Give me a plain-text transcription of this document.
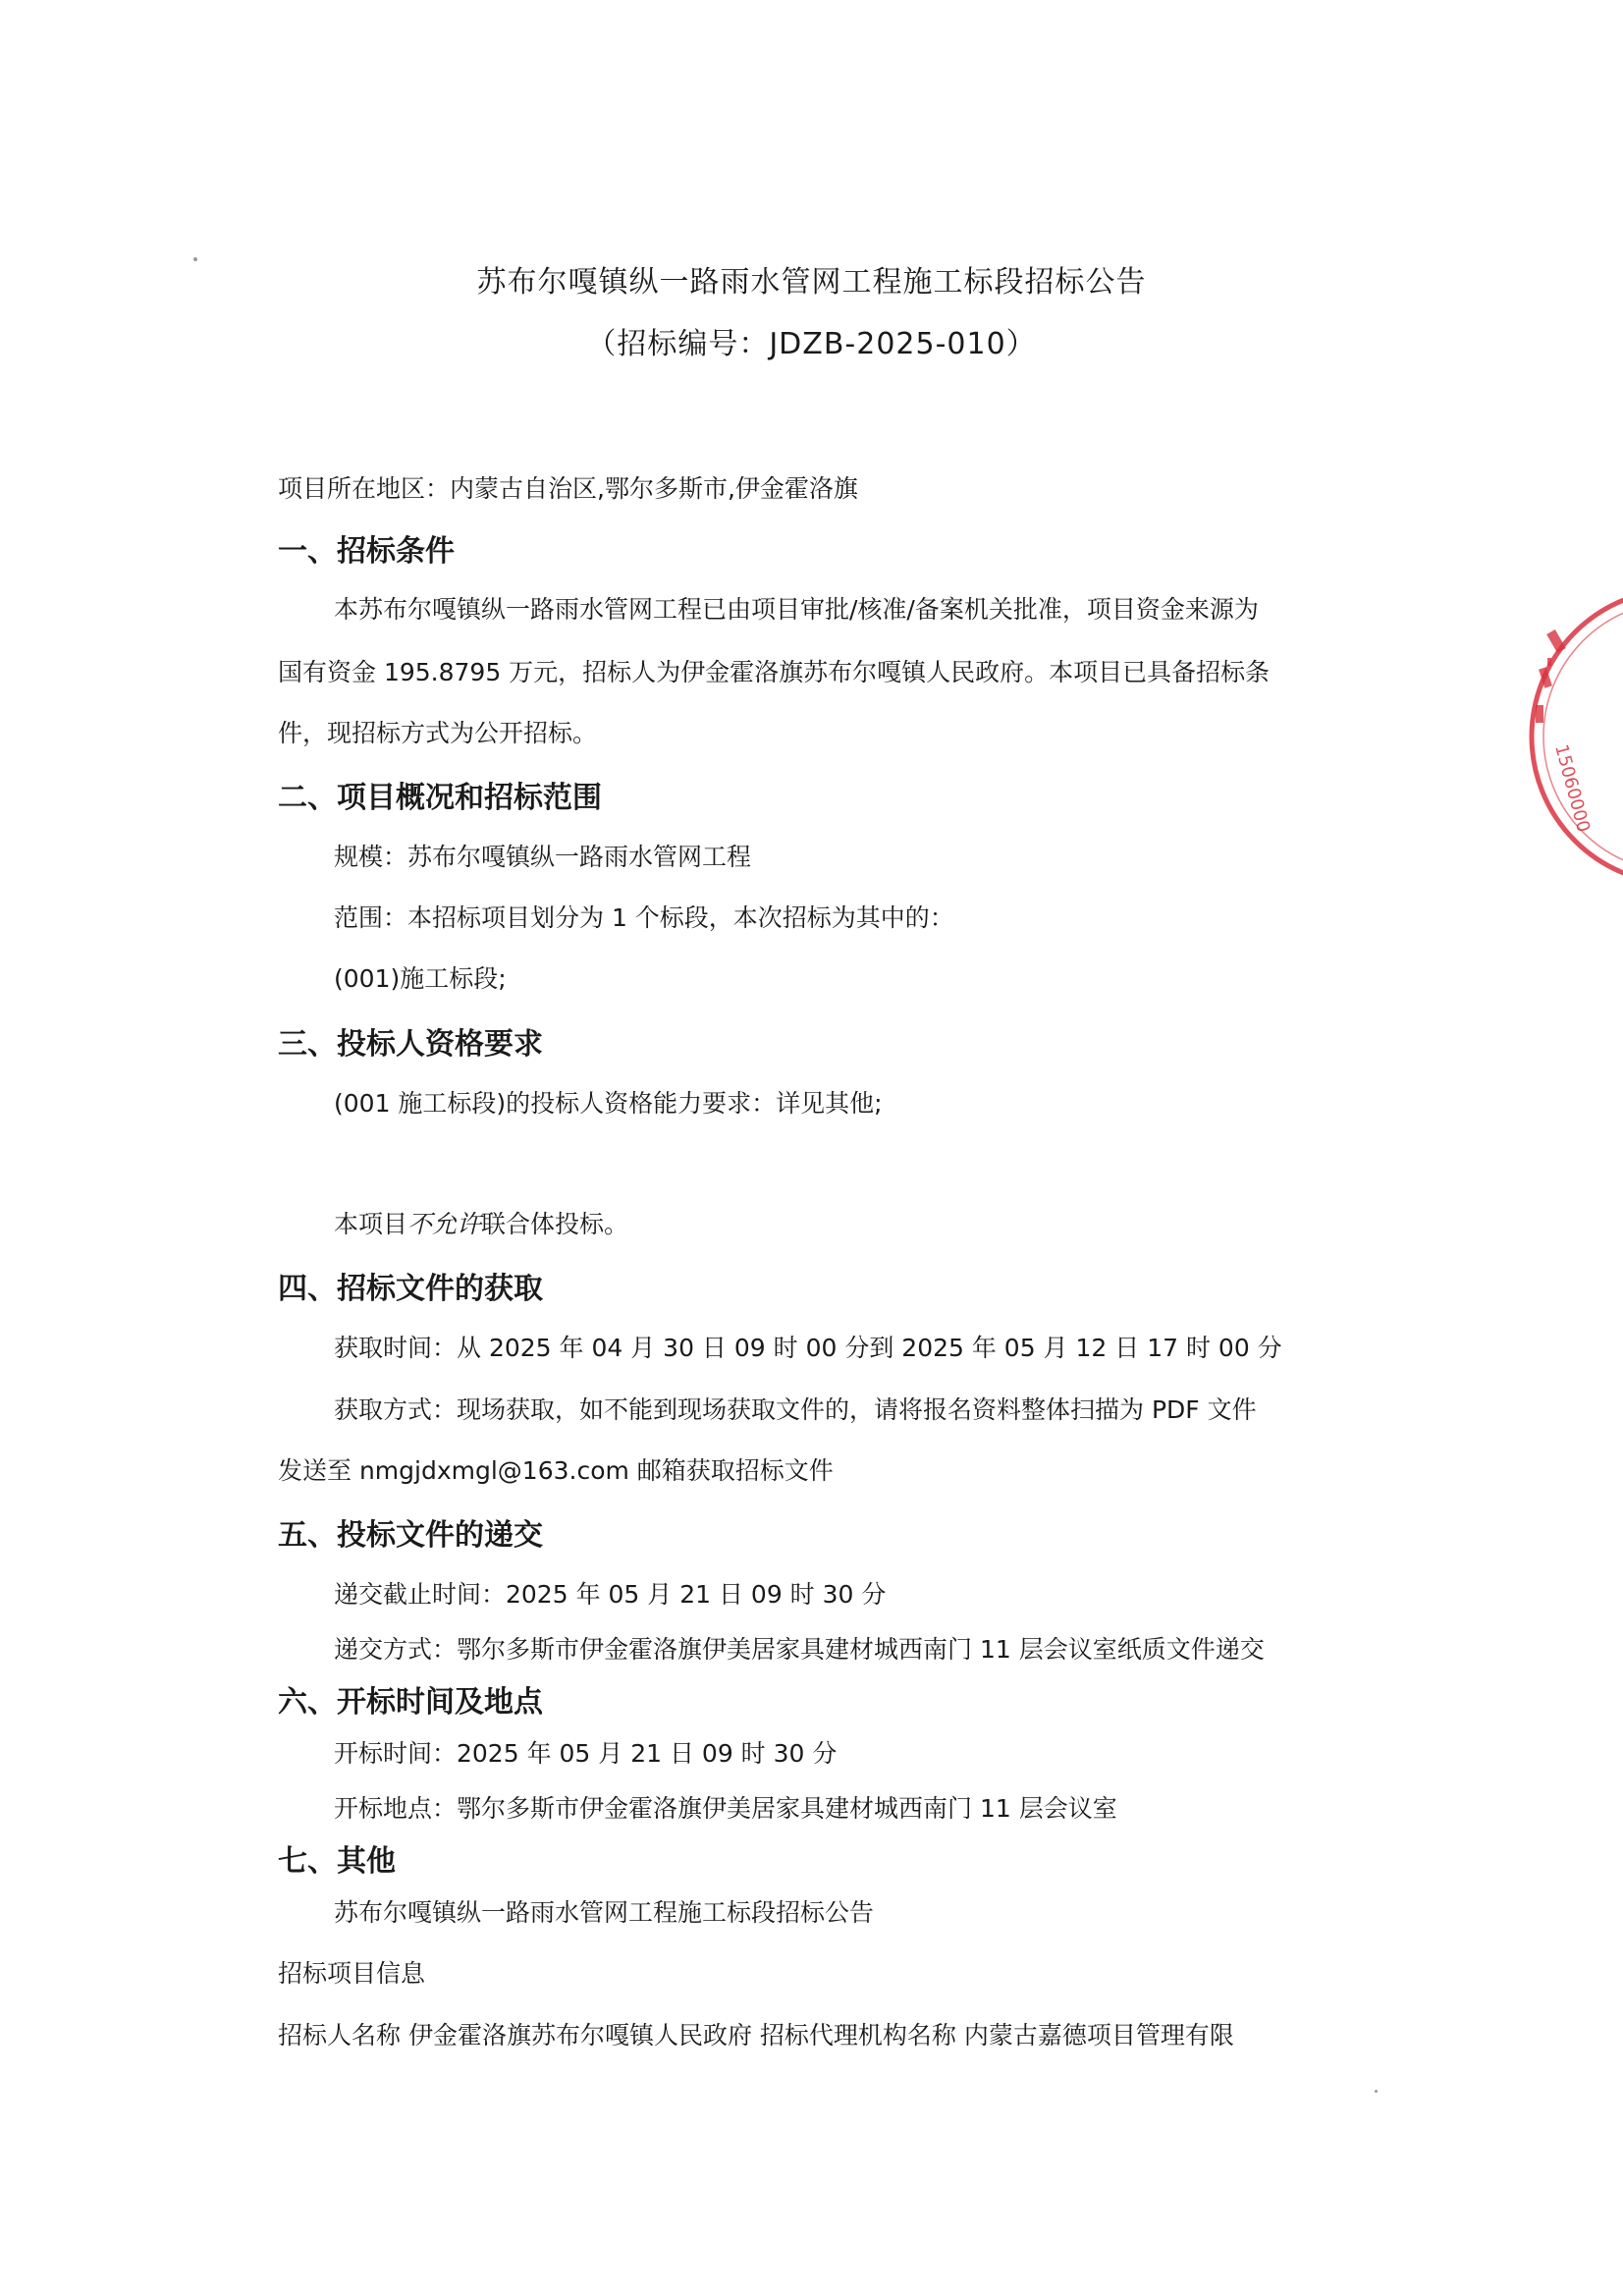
苏布尔嘎镇纵一路雨水管网工程施工标段招标公告
（招标编号：JDZB-2025-010）
项目所在地区：内蒙古自治区,鄂尔多斯市,伊金霍洛旗
一、招标条件
本苏布尔嘎镇纵一路雨水管网工程已由项目审批/核准/备案机关批准，项目资金来源为
国有资金 195.8795 万元，招标人为伊金霍洛旗苏布尔嘎镇人民政府。本项目已具备招标条
件，现招标方式为公开招标。
二、项目概况和招标范围
规模：苏布尔嘎镇纵一路雨水管网工程
范围：本招标项目划分为 1 个标段，本次招标为其中的：
(001)施工标段;
三、投标人资格要求
(001 施工标段)的投标人资格能力要求：详见其他;
本项目不允许联合体投标。
四、招标文件的获取
获取时间：从 2025 年 04 月 30 日 09 时 00 分到 2025 年 05 月 12 日 17 时 00 分
获取方式：现场获取，如不能到现场获取文件的，请将报名资料整体扫描为 PDF 文件
发送至 nmgjdxmgl@163.com 邮箱获取招标文件
五、投标文件的递交
递交截止时间：2025 年 05 月 21 日 09 时 30 分
递交方式：鄂尔多斯市伊金霍洛旗伊美居家具建材城西南门 11 层会议室纸质文件递交
六、开标时间及地点
开标时间：2025 年 05 月 21 日 09 时 30 分
开标地点：鄂尔多斯市伊金霍洛旗伊美居家具建材城西南门 11 层会议室
七、其他
苏布尔嘎镇纵一路雨水管网工程施工标段招标公告
招标项目信息
招标人名称 伊金霍洛旗苏布尔嘎镇人民政府 招标代理机构名称 内蒙古嘉德项目管理有限
15060000
